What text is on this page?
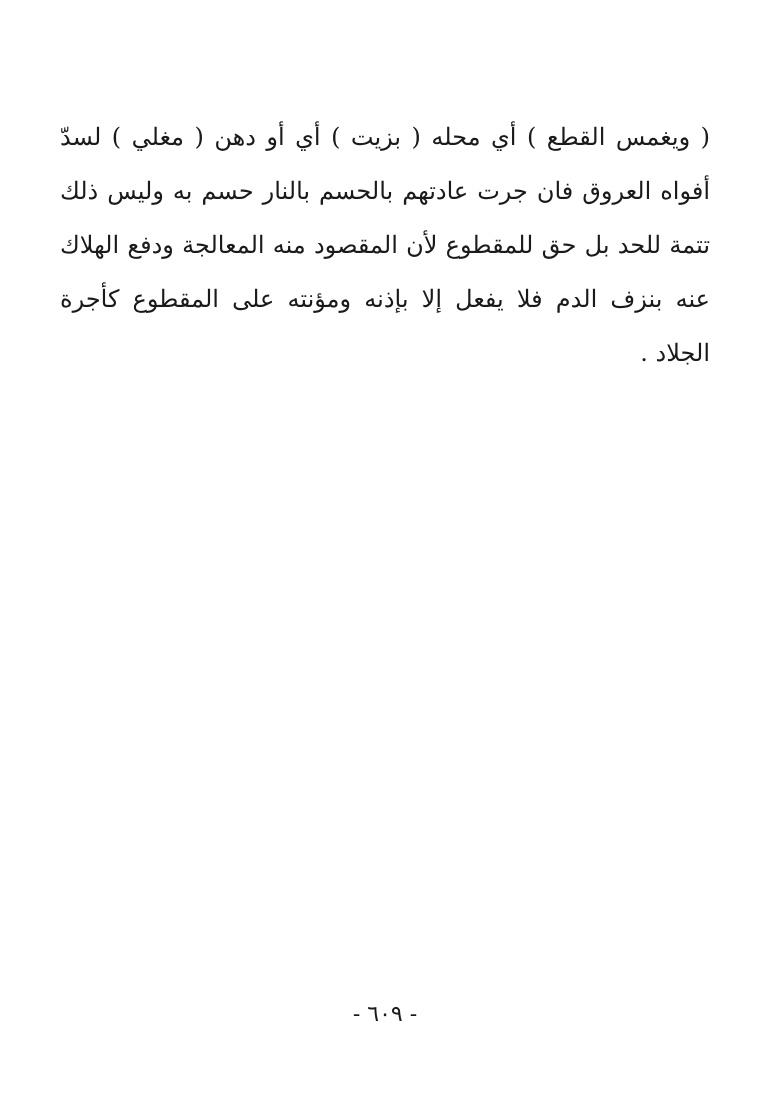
( ويغمس القطع ) أي محله ( بزيت ) أي أو دهن ( مغلي ) لسدّ
أفواه العروق فان جرت عادتهم بالحسم بالنار حسم به وليس ذلك
تتمة للحد بل حق للمقطوع لأن المقصود منه المعالجة ودفع الهلاك
عنه بنزف الدم فلا يفعل إلا بإذنه ومؤنته على المقطوع كأجرة
الجلاد .
- ٦٠٩ -
